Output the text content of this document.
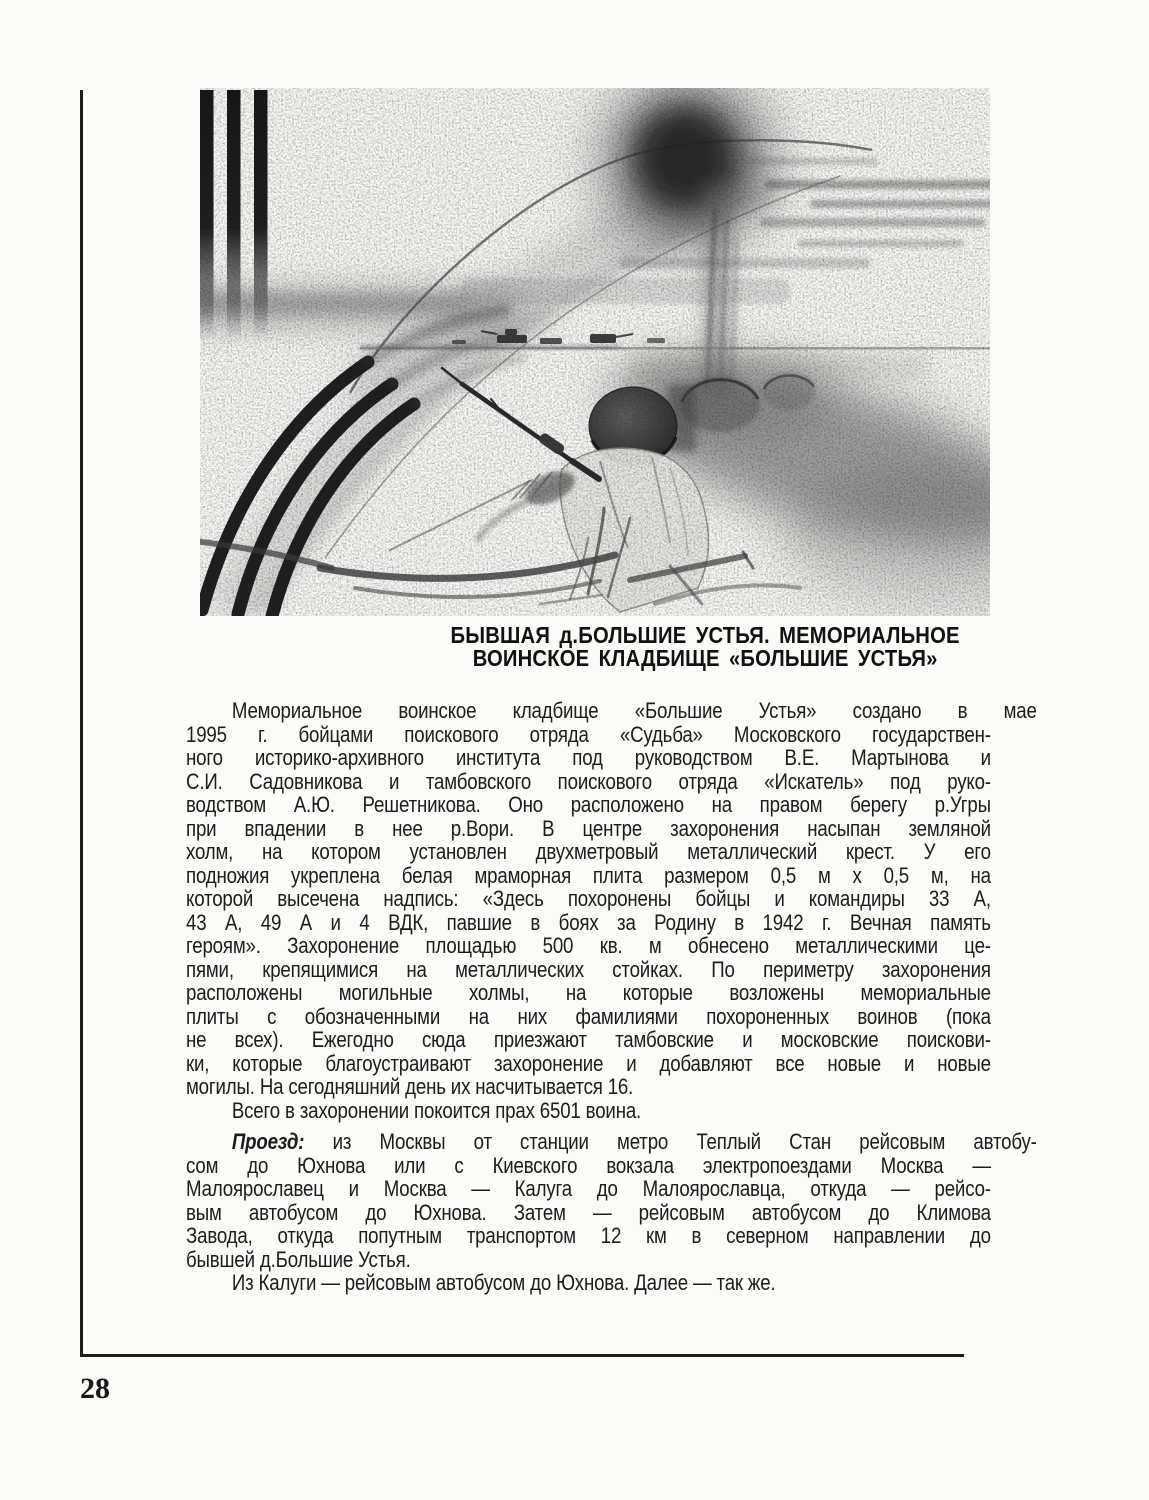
БЫВШАЯ д.БОЛЬШИЕ УСТЬЯ. МЕМОРИАЛЬНОЕ
ВОИНСКОЕ КЛАДБИЩЕ «БОЛЬШИЕ УСТЬЯ»
Мемориальное воинское кладбище «Большие Устья» создано в мае
1995 г. бойцами поискового отряда «Судьба» Московского государствен-
ного историко-архивного института под руководством В.Е. Мартынова и
С.И. Садовникова и тамбовского поискового отряда «Искатель» под руко-
водством А.Ю. Решетникова. Оно расположено на правом берегу р.Угры
при впадении в нее р.Вори. В центре захоронения насыпан земляной
холм, на котором установлен двухметровый металлический крест. У его
подножия укреплена белая мраморная плита размером 0,5 м х 0,5 м, на
которой высечена надпись: «Здесь похоронены бойцы и командиры 33 А,
43 А, 49 А и 4 ВДК, павшие в боях за Родину в 1942 г. Вечная память
героям». Захоронение площадью 500 кв. м обнесено металлическими це-
пями, крепящимися на металлических стойках. По периметру захоронения
расположены могильные холмы, на которые возложены мемориальные
плиты с обозначенными на них фамилиями похороненных воинов (пока
не всех). Ежегодно сюда приезжают тамбовские и московские поискови-
ки, которые благоустраивают захоронение и добавляют все новые и новые
могилы. На сегодняшний день их насчитывается 16.
Всего в захоронении покоится прах 6501 воина.
Проезд: из Москвы от станции метро Теплый Стан рейсовым автобу-
сом до Юхнова или с Киевского вокзала электропоездами Москва —
Малоярославец и Москва — Калуга до Малоярославца, откуда — рейсо-
вым автобусом до Юхнова. Затем — рейсовым автобусом до Климова
Завода, откуда попутным транспортом 12 км в северном направлении до
бывшей д.Большие Устья.
Из Калуги — рейсовым автобусом до Юхнова. Далее — так же.
28
